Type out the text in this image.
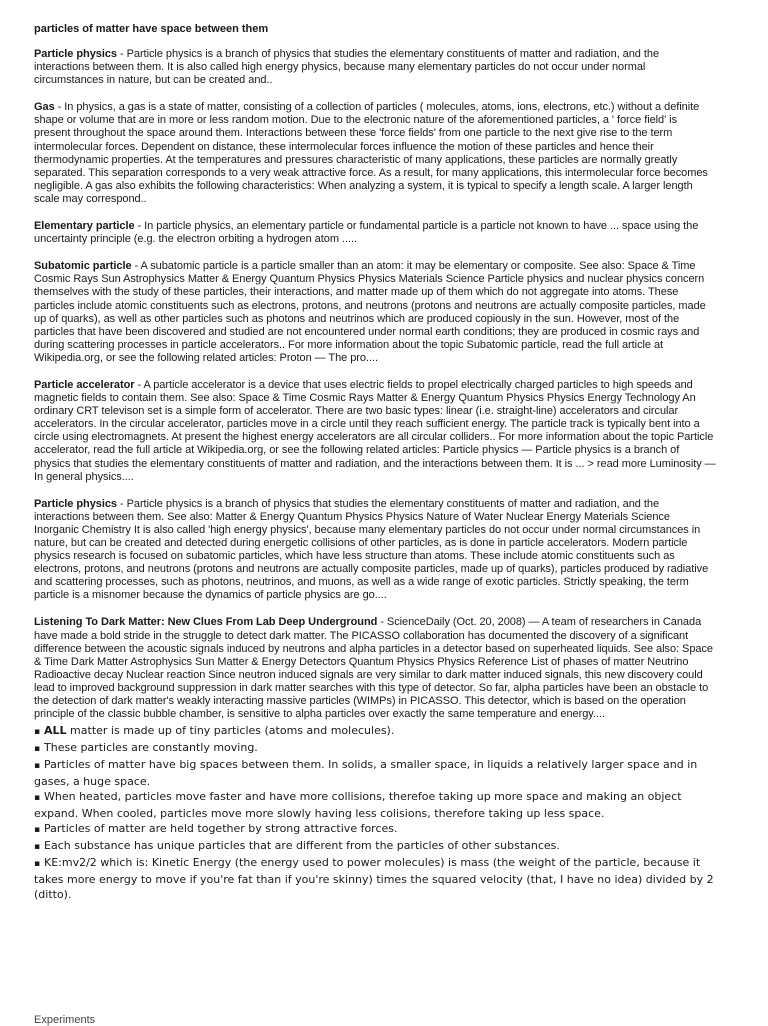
particles of matter have space between them

Particle physics - Particle physics is a branch of physics that studies the elementary constituents of matter and radiation, and the interactions between them. It is also called high energy physics, because many elementary particles do not occur under normal circumstances in nature, but can be created and..

Gas - In physics, a gas is a state of matter, consisting of a collection of particles ( molecules, atoms, ions, electrons, etc.) without a definite shape or volume that are in more or less random motion. Due to the electronic nature of the aforementioned particles, a ' force field' is present throughout the space around them. Interactions between these 'force fields' from one particle to the next give rise to the term intermolecular forces. Dependent on distance, these intermolecular forces influence the motion of these particles and hence their thermodynamic properties. At the temperatures and pressures characteristic of many applications, these particles are normally greatly separated. This separation corresponds to a very weak attractive force. As a result, for many applications, this intermolecular force becomes negligible. A gas also exhibits the following characteristics: When analyzing a system, it is typical to specify a length scale. A larger length scale may correspond..

Elementary particle - In particle physics, an elementary particle or fundamental particle is a particle not known to have ... space using the uncertainty principle (e.g. the electron orbiting a hydrogen atom .....

Subatomic particle - A subatomic particle is a particle smaller than an atom: it may be elementary or composite. See also: Space & Time Cosmic Rays Sun Astrophysics Matter & Energy Quantum Physics Physics Materials Science Particle physics and nuclear physics concern themselves with the study of these particles, their interactions, and matter made up of them which do not aggregate into atoms. These particles include atomic constituents such as electrons, protons, and neutrons (protons and neutrons are actually composite particles, made up of quarks), as well as other particles such as photons and neutrinos which are produced copiously in the sun. However, most of the particles that have been discovered and studied are not encountered under normal earth conditions; they are produced in cosmic rays and during scattering processes in particle accelerators.. For more information about the topic Subatomic particle, read the full article at Wikipedia.org, or see the following related articles: Proton — The pro....

Particle accelerator - A particle accelerator is a device that uses electric fields to propel electrically charged particles to high speeds and magnetic fields to contain them. See also: Space & Time Cosmic Rays Matter & Energy Quantum Physics Physics Energy Technology An ordinary CRT televison set is a simple form of accelerator. There are two basic types: linear (i.e. straight-line) accelerators and circular accelerators. In the circular accelerator, particles move in a circle until they reach sufficient energy. The particle track is typically bent into a circle using electromagnets. At present the highest energy accelerators are all circular colliders.. For more information about the topic Particle accelerator, read the full article at Wikipedia.org, or see the following related articles: Particle physics — Particle physics is a branch of physics that studies the elementary constituents of matter and radiation, and the interactions between them. It is ... > read more Luminosity — In general physics....

Particle physics - Particle physics is a branch of physics that studies the elementary constituents of matter and radiation, and the interactions between them. See also: Matter & Energy Quantum Physics Physics Nature of Water Nuclear Energy Materials Science Inorganic Chemistry It is also called 'high energy physics', because many elementary particles do not occur under normal circumstances in nature, but can be created and detected during energetic collisions of other particles, as is done in particle accelerators. Modern particle physics research is focused on subatomic particles, which have less structure than atoms. These include atomic constituents such as electrons, protons, and neutrons (protons and neutrons are actually composite particles, made up of quarks), particles produced by radiative and scattering processes, such as photons, neutrinos, and muons, as well as a wide range of exotic particles. Strictly speaking, the term particle is a misnomer because the dynamics of particle physics are go....

Listening To Dark Matter: New Clues From Lab Deep Underground - ScienceDaily (Oct. 20, 2008) — A team of researchers in Canada have made a bold stride in the struggle to detect dark matter. The PICASSO collaboration has documented the discovery of a significant difference between the acoustic signals induced by neutrons and alpha particles in a detector based on superheated liquids. See also: Space & Time Dark Matter Astrophysics Sun Matter & Energy Detectors Quantum Physics Physics Reference List of phases of matter Neutrino Radioactive decay Nuclear reaction Since neutron induced signals are very similar to dark matter induced signals, this new discovery could lead to improved background suppression in dark matter searches with this type of detector. So far, alpha particles have been an obstacle to the detection of dark matter's weakly interacting massive particles (WIMPs) in PICASSO. This detector, which is based on the operation principle of the classic bubble chamber, is sensitive to alpha particles over exactly the same temperature and energy....

▪ ALL matter is made up of tiny particles (atoms and molecules).
▪ These particles are constantly moving.
▪ Particles of matter have big spaces between them. In solids, a smaller space, in liquids a relatively larger space and in gases, a huge space.
▪ When heated, particles move faster and have more collisions, therefoe taking up more space and making an object expand. When cooled, particles move more slowly having less colisions, therefore taking up less space.
▪ Particles of matter are held together by strong attractive forces.
▪ Each substance has unique particles that are different from the particles of other substances.
▪ KE:mv2/2 which is: Kinetic Energy (the energy used to power molecules) is mass (the weight of the particle, because it takes more energy to move if you're fat than if you're skinny) times the squared velocity (that, I have no idea) divided by 2 (ditto).
Experiments
